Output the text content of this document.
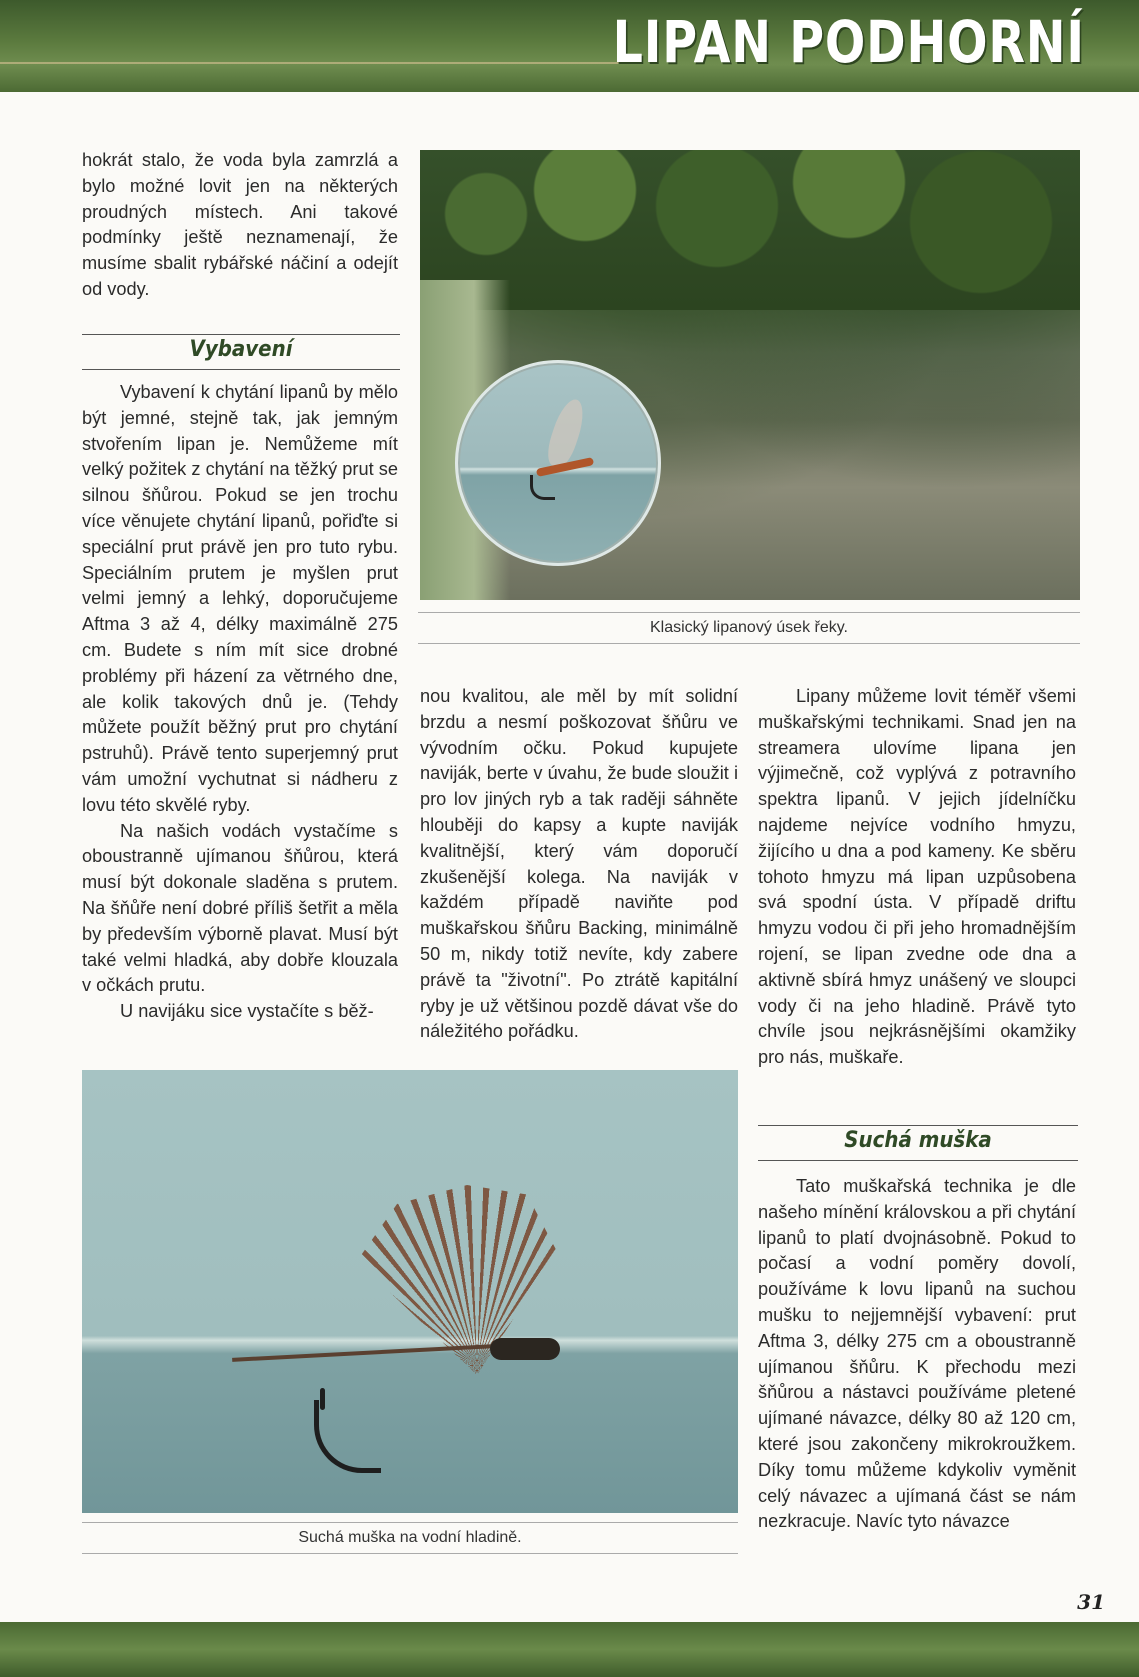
LIPAN PODHORNÍ

hokrát stalo, že voda byla zamrzlá a bylo možné lovit jen na některých proudných místech. Ani takové podmínky ještě neznamenají, že musíme sbalit rybářské náčiní a odejít od vody.

Vybavení

Vybavení k chytání lipanů by mělo být jemné, stejně tak, jak jemným stvořením lipan je. Nemůžeme mít velký požitek z chytání na těžký prut se silnou šňůrou. Pokud se jen trochu více věnujete chytání lipanů, pořiďte si speciální prut právě jen pro tuto rybu. Speciálním prutem je myšlen prut velmi jemný a lehký, doporučujeme Aftma 3 až 4, délky maximálně 275 cm. Budete s ním mít sice drobné problémy při házení za větrného dne, ale kolik takových dnů je. (Tehdy můžete použít běžný prut pro chytání pstruhů). Právě tento superjemný prut vám umožní vychutnat si nádheru z lovu této skvělé ryby.

Na našich vodách vystačíme s oboustranně ujímanou šňůrou, která musí být dokonale sladěna s prutem. Na šňůře není dobré příliš šetřit a měla by především výborně plavat. Musí být také velmi hladká, aby dobře klouzala v očkách prutu.

U navijáku sice vystačíte s běž-

Klasický lipanový úsek řeky.

nou kvalitou, ale měl by mít solidní brzdu a nesmí poškozovat šňůru ve vývodním očku. Pokud kupujete naviják, berte v úvahu, že bude sloužit i pro lov jiných ryb a tak raději sáhněte hlouběji do kapsy a kupte naviják kvalitnější, který vám doporučí zkušenější kolega. Na naviják v každém případě naviňte pod muškařskou šňůru Backing, minimálně 50 m, nikdy totiž nevíte, kdy zabere právě ta "životní". Po ztrátě kapitální ryby je už většinou pozdě dávat vše do náležitého pořádku.

Lipany můžeme lovit téměř všemi muškařskými technikami. Snad jen na streamera ulovíme lipana jen výjimečně, což vyplývá z potravního spektra lipanů. V jejich jídelníčku najdeme nejvíce vodního hmyzu, žijícího u dna a pod kameny. Ke sběru tohoto hmyzu má lipan uzpůsobena svá spodní ústa. V případě driftu hmyzu vodou či při jeho hromadnějším rojení, se lipan zvedne ode dna a aktivně sbírá hmyz unášený ve sloupci vody či na jeho hladině. Právě tyto chvíle jsou nejkrásnějšími okamžiky pro nás, muškaře.

Suchá muška

Tato muškařská technika je dle našeho mínění královskou a při chytání lipanů to platí dvojnásobně. Pokud to počasí a vodní poměry dovolí, používáme k lovu lipanů na suchou mušku to nejjemnější vybavení: prut Aftma 3, délky 275 cm a oboustranně ujímanou šňůru. K přechodu mezi šňůrou a nástavci používáme pletené ujímané návazce, délky 80 až 120 cm, které jsou zakončeny mikrokroužkem. Díky tomu můžeme kdykoliv vyměnit celý návazec a ujímaná část se nám nezkracuje. Navíc tyto návazce

Suchá muška na vodní hladině.
31
